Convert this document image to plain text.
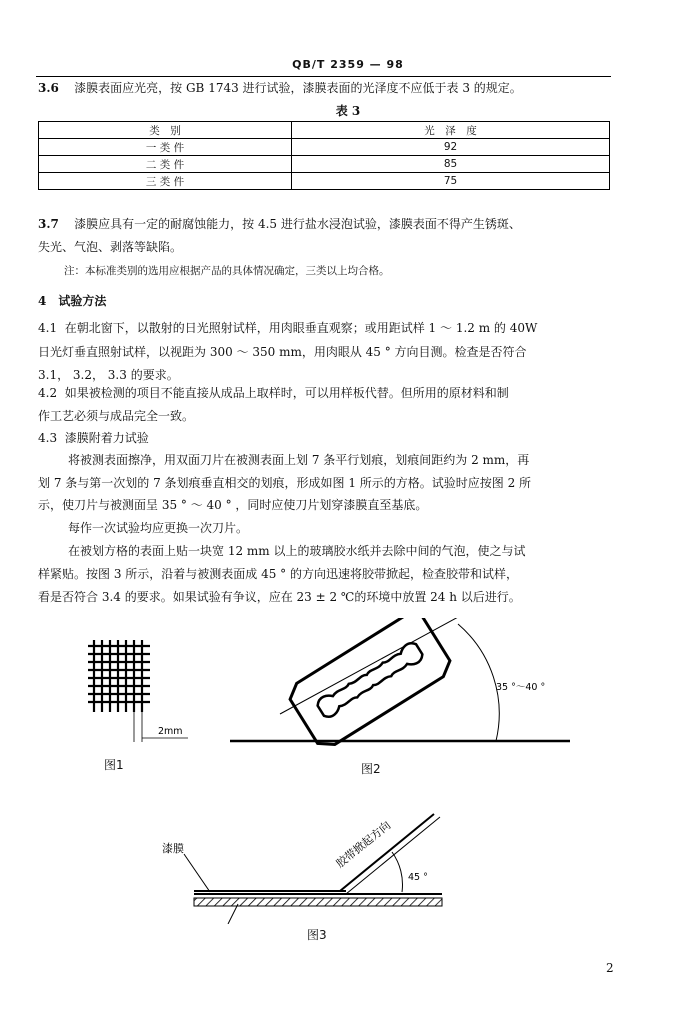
QB/T 2359 — 98
3.6 漆膜表面应光亮，按 GB 1743 进行试验，漆膜表面的光泽度不应低于表 3 的规定。
表 3
类　别	光　泽　度
一 类 件	92
二 类 件	85
三 类 件	75
3.7 漆膜应具有一定的耐腐蚀能力，按 4.5 进行盐水浸泡试验，漆膜表面不得产生锈斑、
失光、气泡、剥落等缺陷。
注：本标准类别的选用应根据产品的具体情况确定，三类以上均合格。
4　试验方法
4.1 在朝北窗下，以散射的日光照射试样，用肉眼垂直观察；或用距试样 1 ～ 1.2 m 的 40W
日光灯垂直照射试样，以视距为 300 ～ 350 mm，用肉眼从 45 ° 方向目测。检查是否符合
3.1， 3.2， 3.3 的要求。
4.2 如果被检测的项目不能直接从成品上取样时，可以用样板代替。但所用的原材料和制
作工艺必须与成品完全一致。
4.3 漆膜附着力试验
将被测表面擦净，用双面刀片在被测表面上划 7 条平行划痕，划痕间距约为 2 mm，再
划 7 条与第一次划的 7 条划痕垂直相交的划痕，形成如图 1 所示的方格。试验时应按图 2 所
示，使刀片与被测面呈 35 ° ～ 40 ° ，同时应使刀片划穿漆膜直至基底。
每作一次试验均应更换一次刀片。
在被划方格的表面上贴一块宽 12 mm 以上的玻璃胶水纸并去除中间的气泡，使之与试
样紧贴。按图 3 所示，沿着与被测表面成 45 ° 的方向迅速将胶带掀起，检查胶带和试样，
看是否符合 3.4 的要求。如果试验有争议，应在 23 ± 2 ℃的环境中放置 24 h 以后进行。
2mm
图1
35 °～40 °
图2
漆膜	胶带掀起方向
45 °
图3
2
